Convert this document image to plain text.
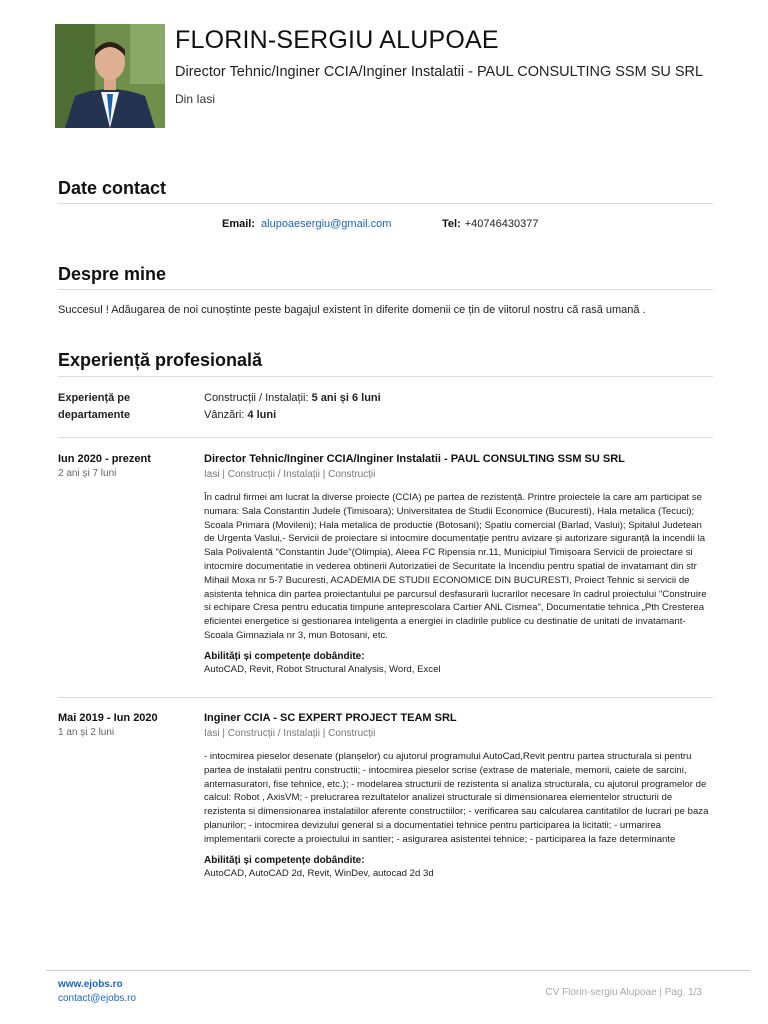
FLORIN-SERGIU ALUPOAE
Director Tehnic/Inginer CCIA/Inginer Instalatii - PAUL CONSULTING SSM SU SRL
Din Iasi
Date contact
Email: alupoaesergiu@gmail.com	Tel: +40746430377
Despre mine
Succesul ! Adăugarea de noi cunoștinte peste bagajul existent în diferite domenii ce țin de viitorul nostru că rasă umană .
Experiență profesională
Experiență pe departamente
Construcții / Instalații: 5 ani și 6 luni
Vânzări: 4 luni
Iun 2020 - prezent
2 ani și 7 luni
Director Tehnic/Inginer CCIA/Inginer Instalatii - PAUL CONSULTING SSM SU SRL
Iasi | Construcții / Instalații | Construcții
În cadrul firmei am lucrat la diverse proiecte (CCIA) pe partea de rezistență. Printre proiectele la care am participat se numara: Sala Constantin Judele (Timisoara); Universitatea de Studii Economice (Bucuresti), Hala metalica (Tecuci); Scoala Primara (Movileni); Hala metalica de productie (Botosani); Spatiu comercial (Barlad, Vaslui); Spitalul Judetean de Urgenta Vaslui,- Servicii de proiectare si intocmire documentație pentru avizare și autorizare siguranță la incendii la Sala Polivalentă "Constantin Jude"(Olimpia), Aleea FC Ripensia nr.11, Municipiul Timișoara Servicii de proiectare si intocmire documentatie in vederea obtinerii Autorizatiei de Securitate la Incendiu pentru spatial de invatamant din str Mihail Moxa nr 5-7 Bucuresti, ACADEMIA DE STUDII ECONOMICE DIN BUCURESTI, Proiect Tehnic si servicii de asistenta tehnica din partea proiectantului pe parcursul desfasurarii lucrarilor necesare în cadrul proiectului "Construire si echipare Cresa pentru educatia timpurie anteprescolara Cartier ANL Cismea", Documentatie tehnica „Pth Cresterea eficientei energetice si gestionarea inteligenta a energiei in cladirile publice cu destinatie de unitati de invatamant-Scoala Gimnaziala nr 3, mun Botosani, etc.
Abilități și competențe dobândite:
AutoCAD, Revit, Robot Structural Analysis, Word, Excel
Mai 2019 - Iun 2020
1 an și 2 luni
Inginer CCIA - SC EXPERT PROJECT TEAM SRL
Iasi | Construcții / Instalații | Construcții
- intocmirea pieselor desenate (planșelor) cu ajutorul programului AutoCad,Revit pentru partea structurala si pentru partea de instalatii pentru constructii; - intocmirea pieselor scrise (extrase de materiale, memorii, caiete de sarcini, antemasuratori, fise tehnice, etc.); - modelarea structurii de rezistenta si analiza structurala, cu ajutorul programelor de calcul: Robot , AxisVM; - prelucrarea rezultatelor analizei structurale si dimensionarea elementelor structurii de rezistenta si dimensionarea instalatiilor aferente constructiilor; - verificarea sau calcularea cantitatilor de lucrari pe baza planurilor; - intocmirea devizului general si a documentatiei tehnice pentru participarea la licitatii; - urmarirea implementarii corecte a proiectului in santier; - asigurarea asistentei tehnice; - participarea la faze determinante
Abilități și competențe dobândite:
AutoCAD, AutoCAD 2d, Revit, WinDev, autocad 2d 3d
www.ejobs.ro
contact@ejobs.ro
CV Florin-sergiu Alupoae | Pag. 1/3
